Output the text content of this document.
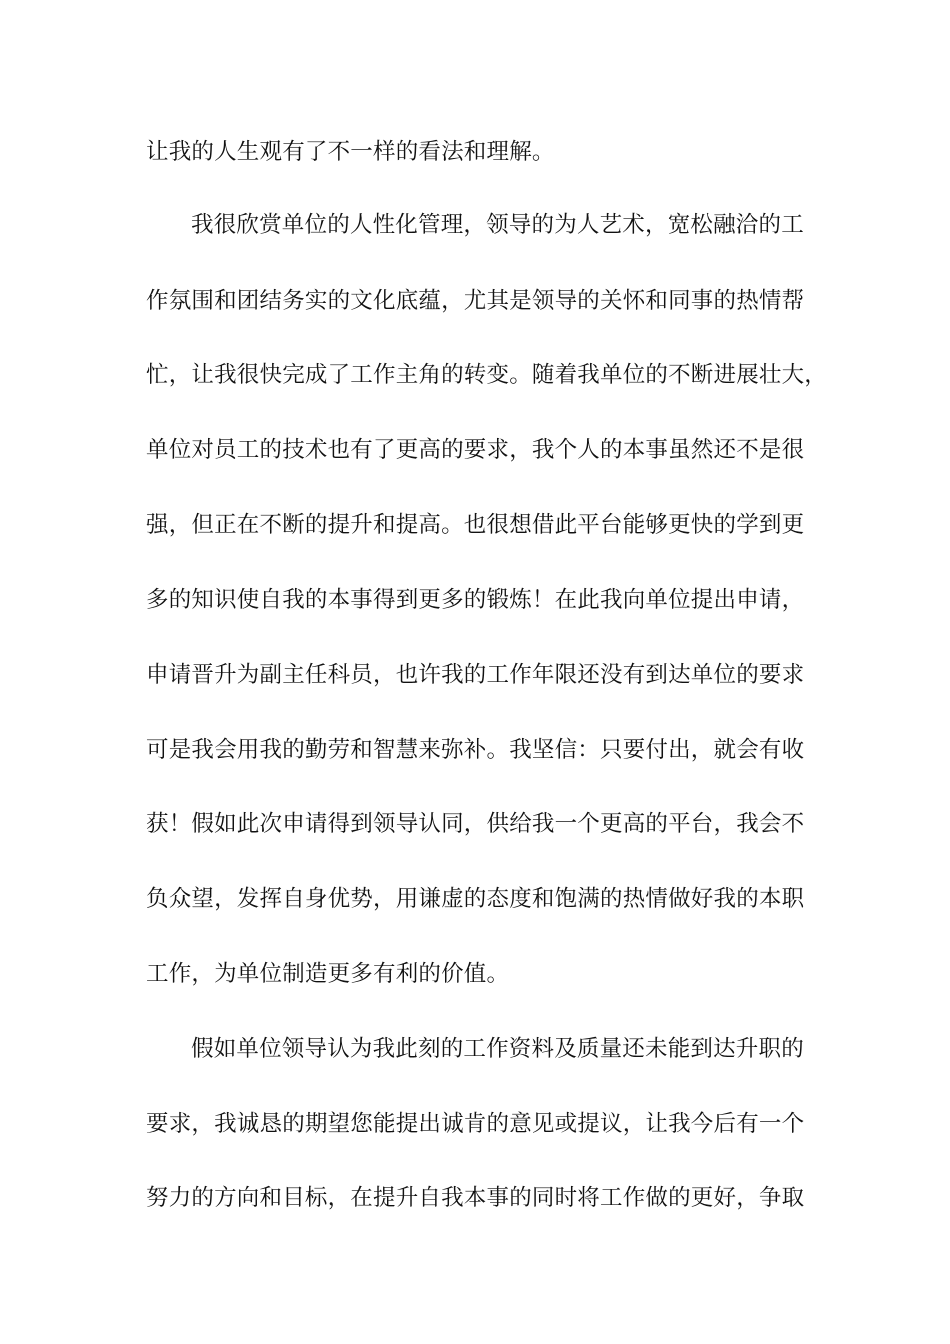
让我的人生观有了不一样的看法和理解。
我很欣赏单位的人性化管理，领导的为人艺术，宽松融洽的工
作氛围和团结务实的文化底蕴，尤其是领导的关怀和同事的热情帮
忙，让我很快完成了工作主角的转变。随着我单位的不断进展壮大，
单位对员工的技术也有了更高的要求，我个人的本事虽然还不是很
强，但正在不断的提升和提高。也很想借此平台能够更快的学到更
多的知识使自我的本事得到更多的锻炼！在此我向单位提出申请，
申请晋升为副主任科员，也许我的工作年限还没有到达单位的要求
可是我会用我的勤劳和智慧来弥补。我坚信：只要付出，就会有收
获！假如此次申请得到领导认同，供给我一个更高的平台，我会不
负众望，发挥自身优势，用谦虚的态度和饱满的热情做好我的本职
工作，为单位制造更多有利的价值。
假如单位领导认为我此刻的工作资料及质量还未能到达升职的
要求，我诚恳的期望您能提出诚肯的意见或提议，让我今后有一个
努力的方向和目标，在提升自我本事的同时将工作做的更好，争取
